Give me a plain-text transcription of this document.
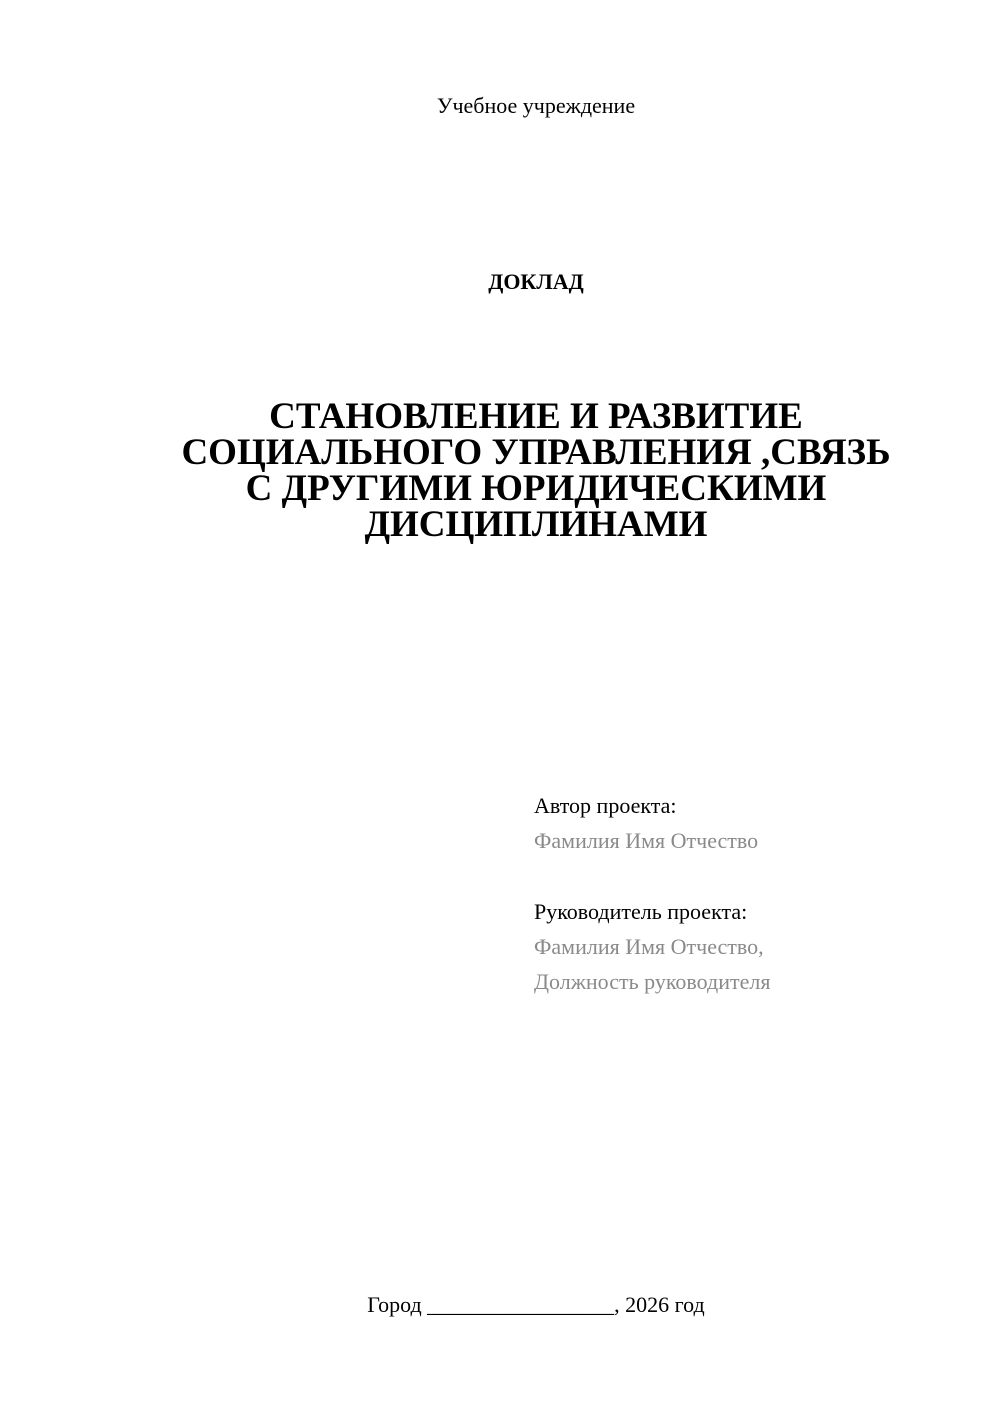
Учебное учреждение
ДОКЛАД
СТАНОВЛЕНИЕ И РАЗВИТИЕ
СОЦИАЛЬНОГО УПРАВЛЕНИЯ ,СВЯЗЬ
С ДРУГИМИ ЮРИДИЧЕСКИМИ
ДИСЦИПЛИНАМИ
Автор проекта:
Фамилия Имя Отчество
Руководитель проекта:
Фамилия Имя Отчество,
Должность руководителя
Город _________________, 2026 год
